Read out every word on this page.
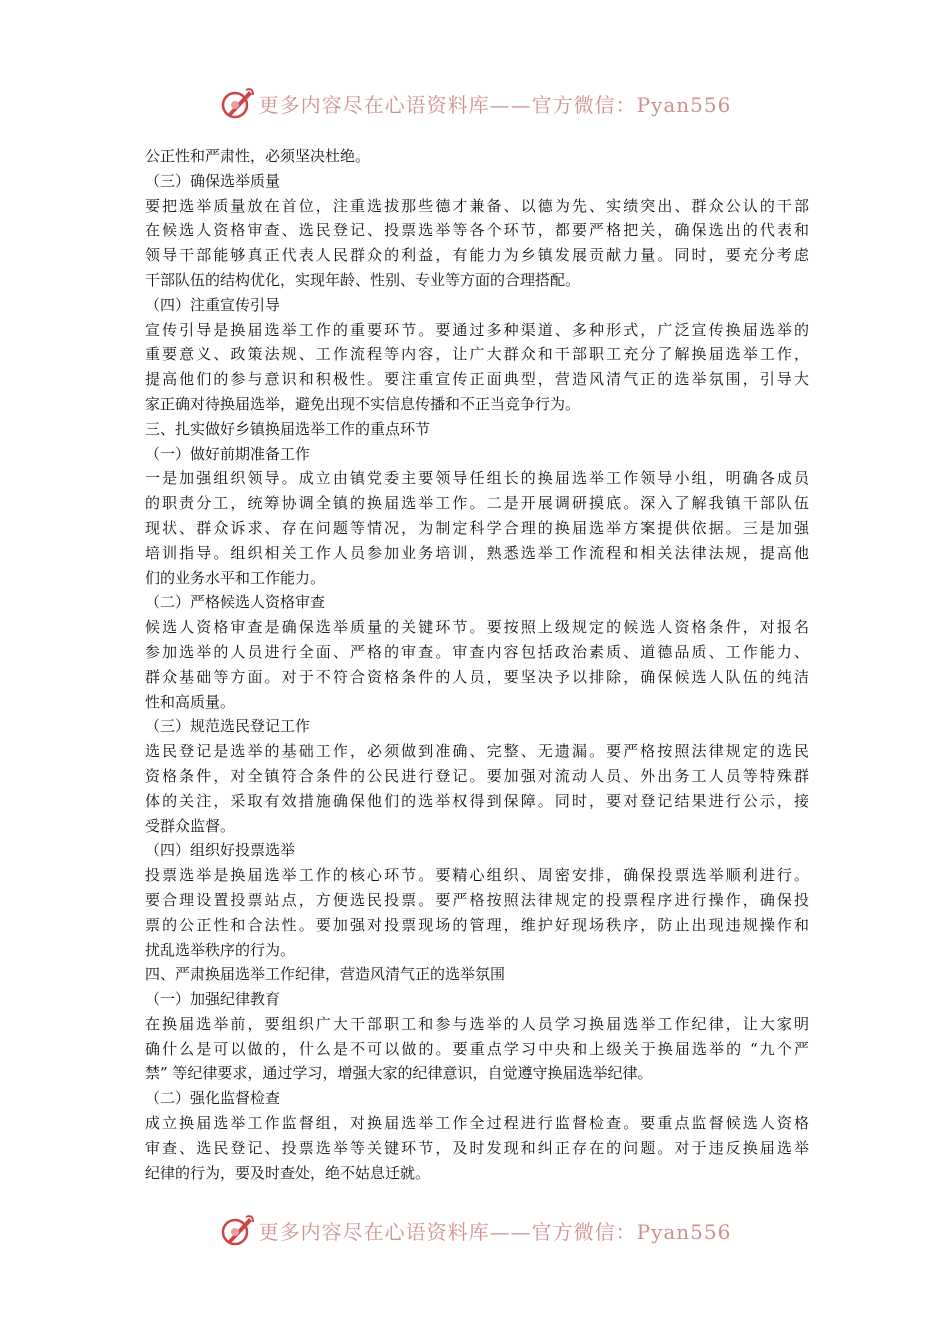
更多内容尽在心语资料库——官方微信：Pyan556
公正性和严肃性，必须坚决杜绝。
（三）确保选举质量
要把选举质量放在首位，注重选拔那些德才兼备、以德为先、实绩突出、群众公认的干部
在候选人资格审查、选民登记、投票选举等各个环节，都要严格把关，确保选出的代表和
领导干部能够真正代表人民群众的利益，有能力为乡镇发展贡献力量。同时，要充分考虑
干部队伍的结构优化，实现年龄、性别、专业等方面的合理搭配。
（四）注重宣传引导
宣传引导是换届选举工作的重要环节。要通过多种渠道、多种形式，广泛宣传换届选举的
重要意义、政策法规、工作流程等内容，让广大群众和干部职工充分了解换届选举工作，
提高他们的参与意识和积极性。要注重宣传正面典型，营造风清气正的选举氛围，引导大
家正确对待换届选举，避免出现不实信息传播和不正当竞争行为。
三、扎实做好乡镇换届选举工作的重点环节
（一）做好前期准备工作
一是加强组织领导。成立由镇党委主要领导任组长的换届选举工作领导小组，明确各成员
的职责分工，统筹协调全镇的换届选举工作。二是开展调研摸底。深入了解我镇干部队伍
现状、群众诉求、存在问题等情况，为制定科学合理的换届选举方案提供依据。三是加强
培训指导。组织相关工作人员参加业务培训，熟悉选举工作流程和相关法律法规，提高他
们的业务水平和工作能力。
（二）严格候选人资格审查
候选人资格审查是确保选举质量的关键环节。要按照上级规定的候选人资格条件，对报名
参加选举的人员进行全面、严格的审查。审查内容包括政治素质、道德品质、工作能力、
群众基础等方面。对于不符合资格条件的人员，要坚决予以排除，确保候选人队伍的纯洁
性和高质量。
（三）规范选民登记工作
选民登记是选举的基础工作，必须做到准确、完整、无遗漏。要严格按照法律规定的选民
资格条件，对全镇符合条件的公民进行登记。要加强对流动人员、外出务工人员等特殊群
体的关注，采取有效措施确保他们的选举权得到保障。同时，要对登记结果进行公示，接
受群众监督。
（四）组织好投票选举
投票选举是换届选举工作的核心环节。要精心组织、周密安排，确保投票选举顺利进行。
要合理设置投票站点，方便选民投票。要严格按照法律规定的投票程序进行操作，确保投
票的公正性和合法性。要加强对投票现场的管理，维护好现场秩序，防止出现违规操作和
扰乱选举秩序的行为。
四、严肃换届选举工作纪律，营造风清气正的选举氛围
（一）加强纪律教育
在换届选举前，要组织广大干部职工和参与选举的人员学习换届选举工作纪律，让大家明
确什么是可以做的，什么是不可以做的。要重点学习中央和上级关于换届选举的 “九个严
禁” 等纪律要求，通过学习，增强大家的纪律意识，自觉遵守换届选举纪律。
（二）强化监督检查
成立换届选举工作监督组，对换届选举工作全过程进行监督检查。要重点监督候选人资格
审查、选民登记、投票选举等关键环节，及时发现和纠正存在的问题。对于违反换届选举
纪律的行为，要及时查处，绝不姑息迁就。
更多内容尽在心语资料库——官方微信：Pyan556
